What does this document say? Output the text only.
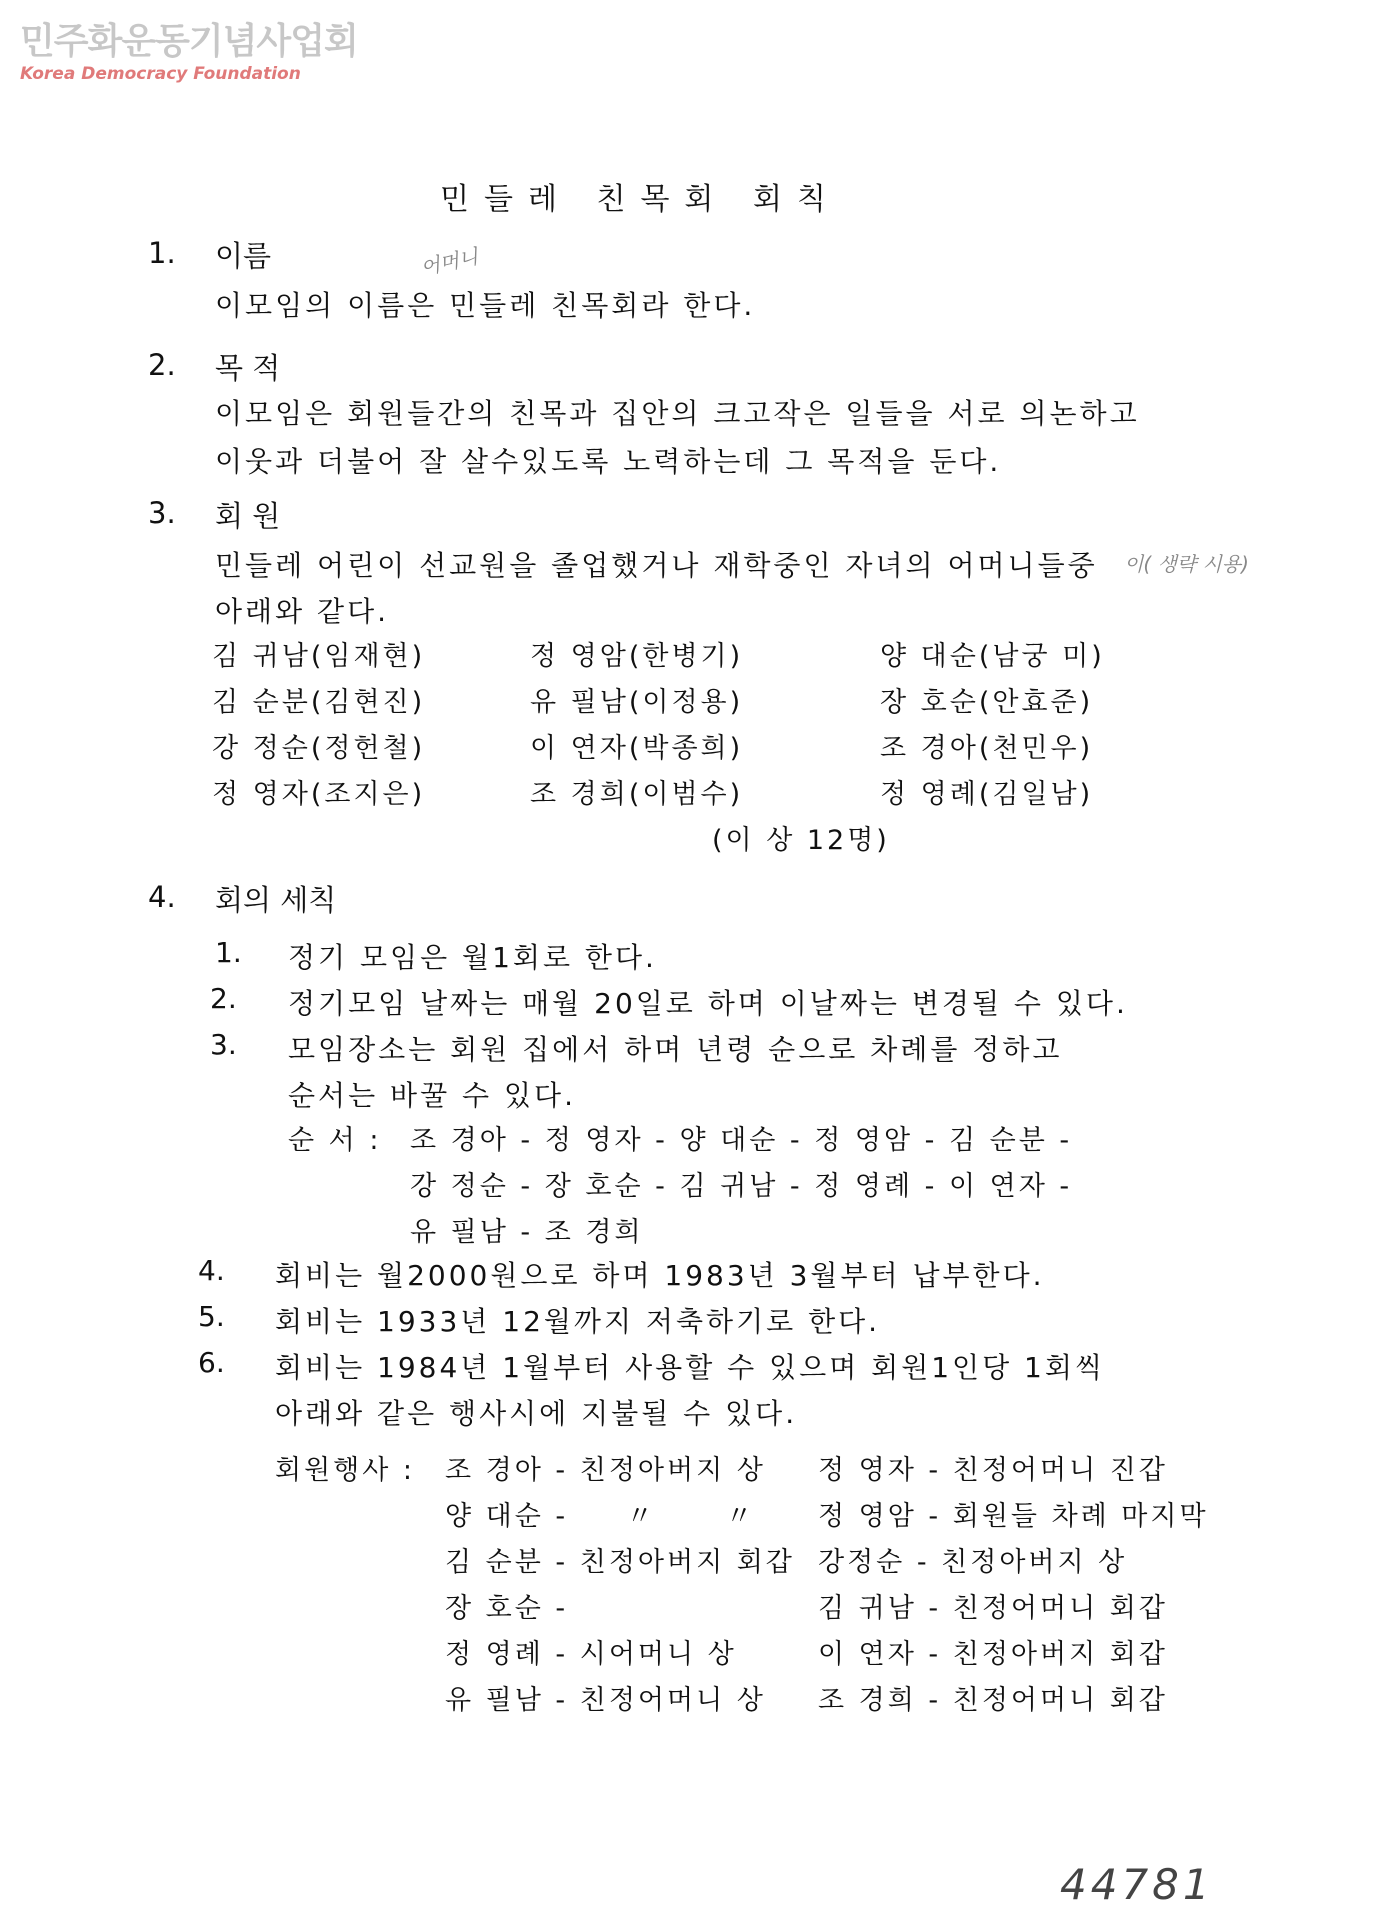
민주화운동기념사업회
Korea Democracy Foundation
민들레 친목회 회칙
1. 이름	어머니
이모임의 이름은 민들레 친목회라 한다.
2. 목 적
이모임은 회원들간의 친목과 집안의 크고작은 일들을 서로 의논하고
이웃과 더불어 잘 살수있도록 노력하는데 그 목적을 둔다.
3. 회 원
민들레 어린이 선교원을 졸업했거나 재학중인 자녀의 어머니들중 이( 생략 시용)
아래와 같다.
김 귀남(임재현)	정 영암(한병기)	양 대순(남궁 미)
김 순분(김현진)	유 필남(이정용)	장 호순(안효준)
강 정순(정헌철)	이 연자(박종희)	조 경아(천민우)
정 영자(조지은)	조 경희(이범수)	정 영례(김일남)
(이 상 12명)
4. 회의 세칙
1. 정기 모임은 월1회로 한다.
2. 정기모임 날짜는 매월 20일로 하며 이날짜는 변경될 수 있다.
3. 모임장소는 회원 집에서 하며 년령 순으로 차례를 정하고
순서는 바꿀 수 있다.
순 서 : 조 경아 - 정 영자 - 양 대순 - 정 영암 - 김 순분 -
강 정순 - 장 호순 - 김 귀남 - 정 영례 - 이 연자 -
유 필남 - 조 경희
4. 회비는 월2000원으로 하며 1983년 3월부터 납부한다.
5. 회비는 1933년 12월까지 저축하기로 한다.
6. 회비는 1984년 1월부터 사용할 수 있으며 회원1인당 1회씩
아래와 같은 행사시에 지불될 수 있다.
회원행사 : 조 경아 - 친정아버지 상 정 영자 - 친정어머니 진갑
양 대순 -     〃      〃 정 영암 - 회원들 차례 마지막
김 순분 - 친정아버지 회갑 강정순 - 친정아버지 상
장 호순 -	김 귀남 - 친정어머니 회갑
정 영례 - 시어머니 상	이 연자 - 친정아버지 회갑
유 필남 - 친정어머니 상 조 경희 - 친정어머니 회갑
44781
